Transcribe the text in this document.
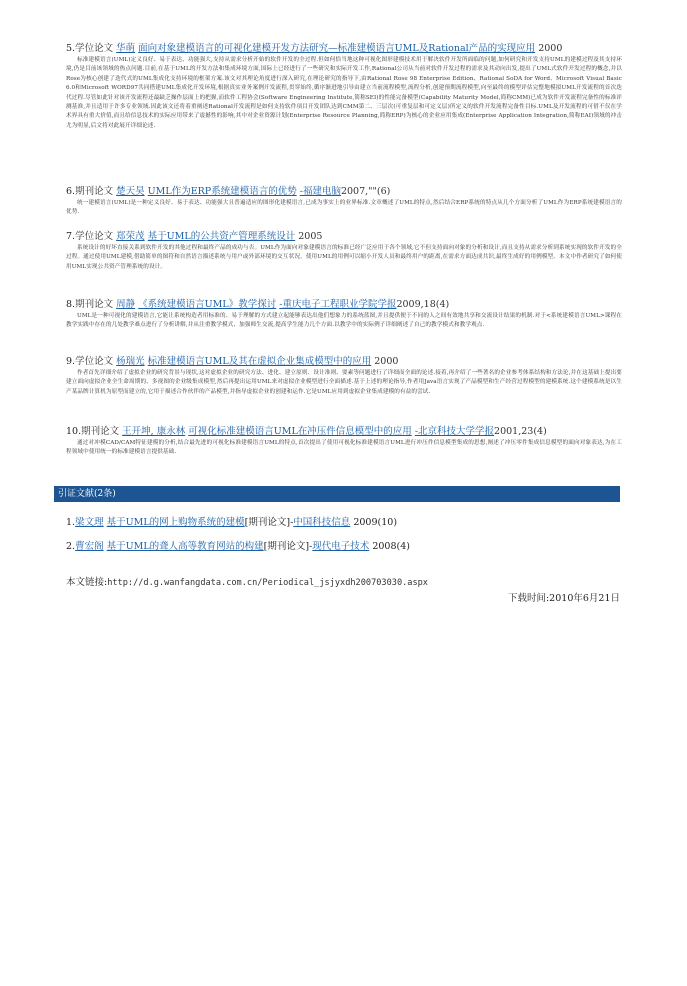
5.学位论文 华萌 面向对象建模语言的可视化建模开发方法研究—标准建模语言UML及Rational产品的实现应用 2000
标准建模语言(UML)定义良好、易于表达、功能强大,支持从需求分析开始的软件开发的全过程.但如何恰当地这种可视化图形建模技术用于解决软件开发所面临的问题,如何研究和开发支持UML的建模过程及其支持环境,仍是目前该领域的热点问题.目前,在基于UML的开发方法和集成环境方面,国际上已经进行了一些研究和实际开发工作,Rational公司从当前对软件开发过程的需求及其动向出发,提出了UML式软件开发过程的概念,并以Rose为核心创建了迭代式的UML集成化支持环境的框架方案.该文对其理论角度进行深入研究,在理论研究的指导下,由Rational Rose 98 Enterprise Edition、Rational SoDA for Word、Microsoft Visual Basic 6.0和Microsoft WORD97共同搭建UML集成化开发环境,根据真实业务案例开发流程,贯穿始终,循序渐进地引导由建立当前流程模型,流程分析,创建预期流程模型,向至最终的模型评估完整地模拟UML开发流程的首次迭代过程.尽管如此针对该开发流程还最缺乏操作层面上的把握,而软件工程协会(Software Engineering Institute,简称SEI)的性能完备模型(Capability Maturity Model,简称CMM)已成为软件开发流程完备性的标准评测基准,并且适用于许多专业领域.因此该文还将着重阐述Rational开发流程是如何支持软件项目开发团队达到CMM第二、三层次(可重复层和可定义层)所定义的软件开发流程完备性目标.UML及开发流程的可借不仅在学术界具有重大价值,而且给信息技术的实际应用带来了震撼性的影响,其中对企业资源计划(Enterprise Resource Planning,简称ERP)为核心的企业应用集成(Enterprise Application Integration,简称EAI)领域的冲击尤为明显,后文将对此展开详细论述.
6.期刊论文 楚天昊 UML作为ERP系统建模语言的优势 -福建电脑2007,""(6)
统一建模语言(UML)是一种定义良好、易于表达、功能强大且普遍适应的图形化建模语言,已成为事实上的业界标准.文章概述了UML的特点,然后结合ERP系统的特点从几个方面分析了UML作为ERP系统建模语言的优势.
7.学位论文 郑荣茂 基于UML的公共资产管理系统设计 2005
系统设计的好坏直接关系到软件开发的其他过程和最终产品的成功与否。UML作为面向对象建模语言的标准已经广泛应用于各个领域,它不但支持面向对象的分析和设计,而且支持从需求分析到系统实现的软件开发的全过程。通过使用UML建模,借助简单的图符和自然语言描述系统与用户或外部环境的交互状况。使用UML的用例可以缩小开发人员和最终用户的距离,在需求方面达成共识,最终生成好的用例模型。本文中作者研究了如何使用UML实现公共资产管理系统的设计。
8.期刊论文 周静 《系统建模语言UML》教学探讨 -重庆电子工程职业学院学报2009,18(4)
UML是一种可视化的建模语言,它能让系统构造者用标准的、易于理解的方式建立起能够表达出他们想象力的系统蓝图,并且提供便于不同的人之间有效地共享和交流设计结果的机制.对于<系统建模语言UML>课程在教学实践中存在的几处教学难点进行了分析讲解,并从注重教学模式、加强师生交流,提高学生能力几个方面.以教学中的实际例子详细阐述了自己的教学模式和教学观点.
9.学位论文 杨瑞光 标准建模语言UML及其在虚拟企业集成模型中的应用 2000
作者首先详细介绍了虚拟企业的研究背景与现状,这对虚拟企业的研究方法、进化、建立原则、设计准则、要素等问题进行了详细而全面的论述.接着,再介绍了一些著名的企业参考体系结构和方法论,并在这基础上提出要建立面向虚拟企业全生命周期的、多视图的企业级集成模型,然后再提出运用UML来对虚拟企业模型进行全面描述.基于上述的理论指导,作者用Java语言实现了产品模型和生产经营过程模型的建模系统.这个建模系统是以生产某品牌计算机为原型而建立的,它用于描述合作伙伴的产品模型,并指导虚拟企业的创建和运作.它是UML应用到虚拟企业集成建模的有益的尝试.
10.期刊论文 王开坤, 康永林 可视化标准建模语言UML在冲压件信息模型中的应用 -北京科技大学学报2001,23(4)
通过对冲模CAD/CAM特征建模的分析,结合最先进的可视化标准建模语言UML的特点,首次提出了使用可视化标准建模语言UML进行冲压件信息模型集成的思想,阐述了冲压零件集成信息模型的面向对象表达,为在工程领域中使用统一的标准建模语言提供基础.
引证文献(2条)
1.梁文理 基于UML的网上购物系统的建模[期刊论文]-中国科技信息 2009(10)
2.曹宏阁 基于UML的聋人高等教育网站的构建[期刊论文]-现代电子技术 2008(4)
本文链接:http://d.g.wanfangdata.com.cn/Periodical_jsjyxdh200703030.aspx
下载时间:2010年6月21日
